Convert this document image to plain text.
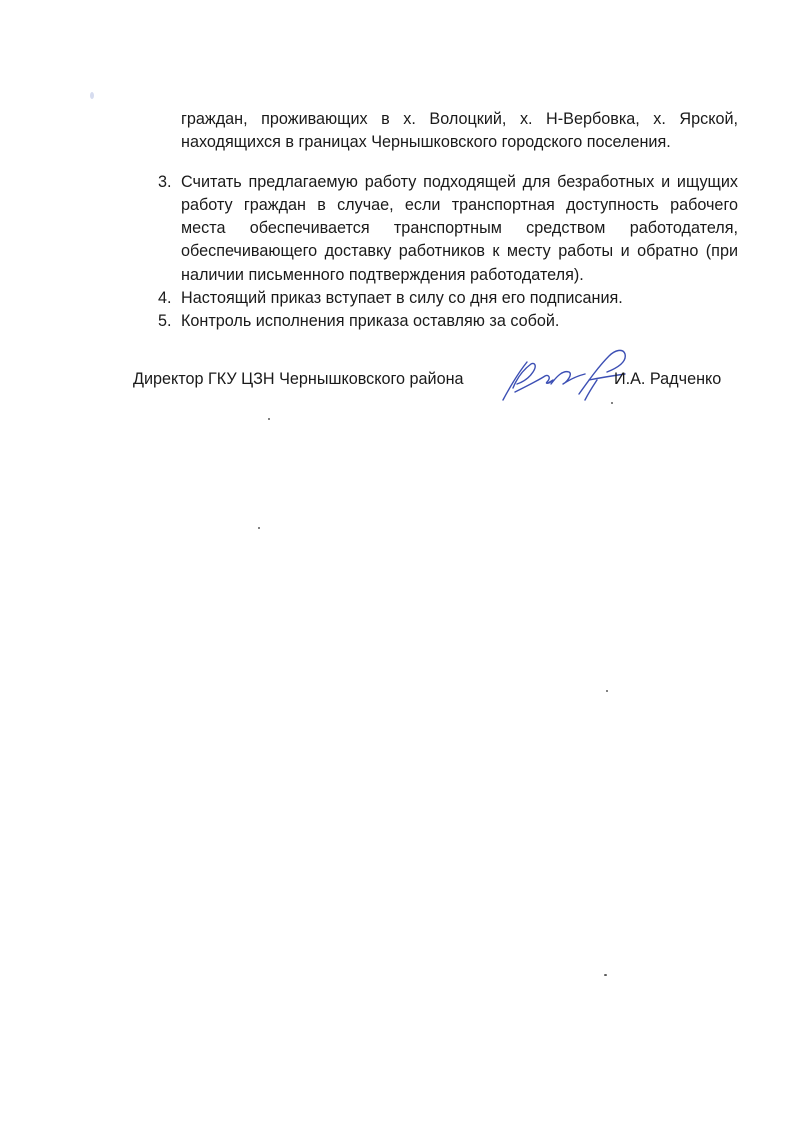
граждан, проживающих в х. Волоцкий, х. Н-Вербовка, х. Ярской, находящихся в границах Чернышковского городского поселения.

3. Считать предлагаемую работу подходящей для безработных и ищущих работу граждан в случае, если транспортная доступность рабочего места обеспечивается транспортным средством работодателя, обеспечивающего доставку работников к месту работы и обратно (при наличии письменного подтверждения работодателя).
4. Настоящий приказ вступает в силу со дня его подписания.
5. Контроль исполнения приказа оставляю за собой.
Директор ГКУ ЦЗН Чернышковского района	И.А. Радченко
